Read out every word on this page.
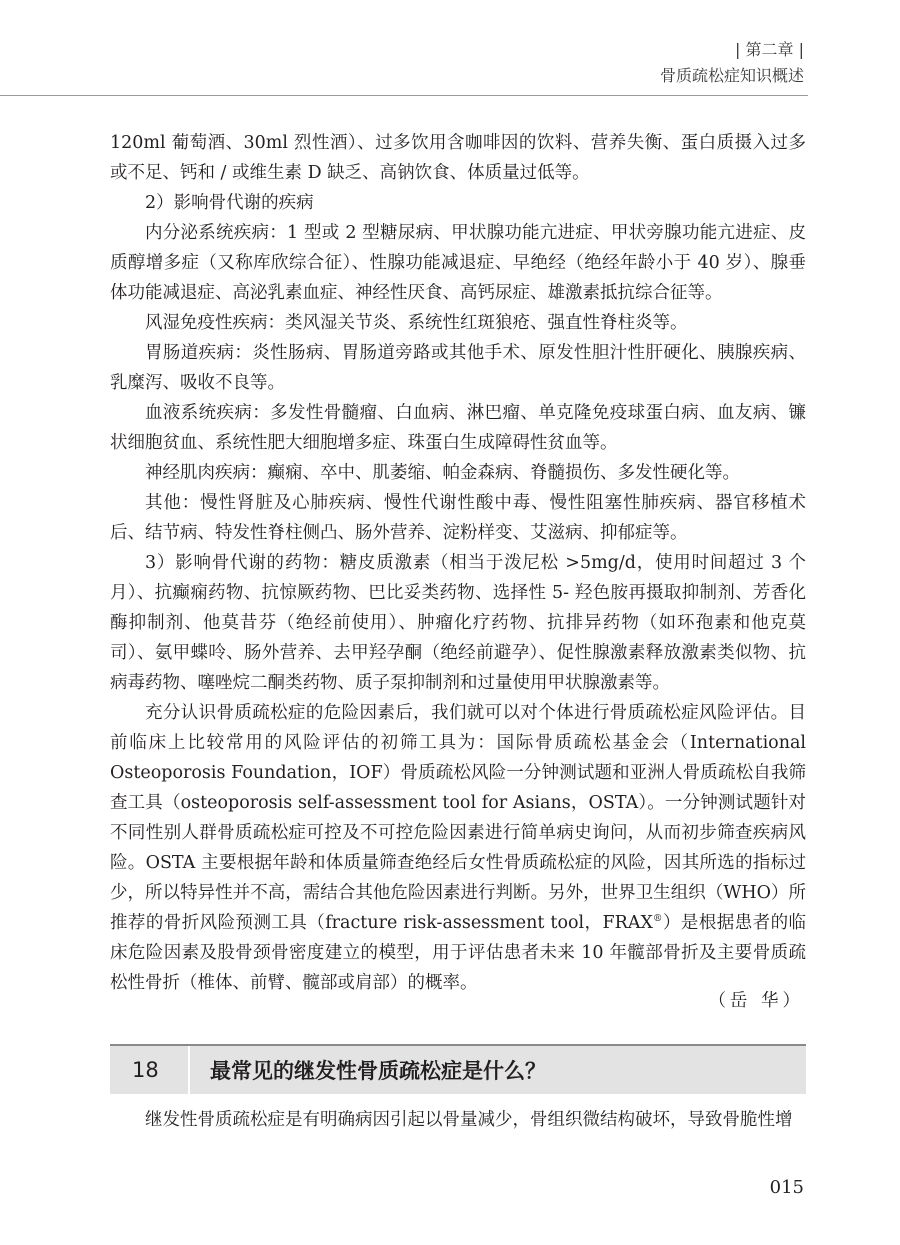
| 第二章 |
骨质疏松症知识概述

120ml 葡萄酒、30ml 烈性酒）、过多饮用含咖啡因的饮料、营养失衡、蛋白质摄入过多或不足、钙和 / 或维生素 D 缺乏、高钠饮食、体质量过低等。

2）影响骨代谢的疾病

内分泌系统疾病：1 型或 2 型糖尿病、甲状腺功能亢进症、甲状旁腺功能亢进症、皮质醇增多症（又称库欣综合征）、性腺功能减退症、早绝经（绝经年龄小于 40 岁）、腺垂体功能减退症、高泌乳素血症、神经性厌食、高钙尿症、雄激素抵抗综合征等。

风湿免疫性疾病：类风湿关节炎、系统性红斑狼疮、强直性脊柱炎等。

胃肠道疾病：炎性肠病、胃肠道旁路或其他手术、原发性胆汁性肝硬化、胰腺疾病、乳糜泻、吸收不良等。

血液系统疾病：多发性骨髓瘤、白血病、淋巴瘤、单克隆免疫球蛋白病、血友病、镰状细胞贫血、系统性肥大细胞增多症、珠蛋白生成障碍性贫血等。

神经肌肉疾病：癫痫、卒中、肌萎缩、帕金森病、脊髓损伤、多发性硬化等。

其他：慢性肾脏及心肺疾病、慢性代谢性酸中毒、慢性阻塞性肺疾病、器官移植术后、结节病、特发性脊柱侧凸、肠外营养、淀粉样变、艾滋病、抑郁症等。

3）影响骨代谢的药物：糖皮质激素（相当于泼尼松 >5mg/d，使用时间超过 3 个月）、抗癫痫药物、抗惊厥药物、巴比妥类药物、选择性 5- 羟色胺再摄取抑制剂、芳香化酶抑制剂、他莫昔芬（绝经前使用）、肿瘤化疗药物、抗排异药物（如环孢素和他克莫司）、氨甲蝶呤、肠外营养、去甲羟孕酮（绝经前避孕）、促性腺激素释放激素类似物、抗病毒药物、噻唑烷二酮类药物、质子泵抑制剂和过量使用甲状腺激素等。

充分认识骨质疏松症的危险因素后，我们就可以对个体进行骨质疏松症风险评估。目前临床上比较常用的风险评估的初筛工具为：国际骨质疏松基金会（International Osteoporosis Foundation，IOF）骨质疏松风险一分钟测试题和亚洲人骨质疏松自我筛查工具（osteoporosis self-assessment tool for Asians，OSTA）。一分钟测试题针对不同性别人群骨质疏松症可控及不可控危险因素进行简单病史询问，从而初步筛查疾病风险。OSTA 主要根据年龄和体质量筛查绝经后女性骨质疏松症的风险，因其所选的指标过少，所以特异性并不高，需结合其他危险因素进行判断。另外，世界卫生组织（WHO）所推荐的骨折风险预测工具（fracture risk-assessment tool，FRAX®）是根据患者的临床危险因素及股骨颈骨密度建立的模型，用于评估患者未来 10 年髋部骨折及主要骨质疏松性骨折（椎体、前臂、髋部或肩部）的概率。

（岳 华）
18	最常见的继发性骨质疏松症是什么？

继发性骨质疏松症是有明确病因引起以骨量减少，骨组织微结构破坏，导致骨脆性增

015
